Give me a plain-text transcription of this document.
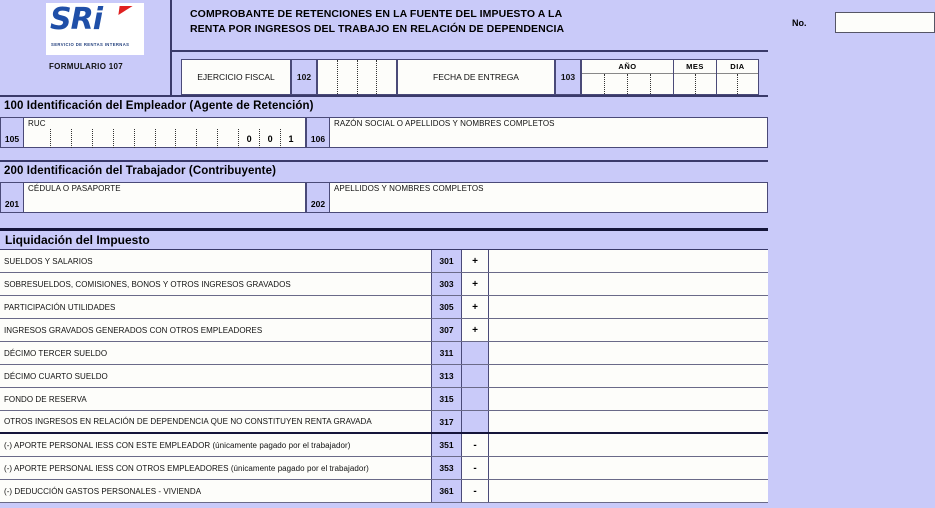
SRi
SERVICIO DE RENTAS INTERNAS
FORMULARIO 107
COMPROBANTE DE RETENCIONES EN LA FUENTE DEL IMPUESTO A LA
RENTA POR INGRESOS DEL TRABAJO EN RELACIÓN DE DEPENDENCIA	No.
EJERCICIO FISCAL	102	FECHA DE ENTREGA	103
AÑO	MES	DIA
100 Identificación del Empleador (Agente de Retención)
105
RUC
0	0	1	106
RAZÓN SOCIAL O APELLIDOS Y NOMBRES COMPLETOS
200 Identificación del Trabajador (Contribuyente)
201
CÉDULA O PASAPORTE
202
APELLIDOS Y NOMBRES COMPLETOS
Liquidación del Impuesto
SUELDOS Y SALARIOS	301	+
SOBRESUELDOS, COMISIONES, BONOS Y OTROS INGRESOS GRAVADOS	303	+
PARTICIPACIÓN UTILIDADES	305	+
INGRESOS GRAVADOS GENERADOS CON OTROS EMPLEADORES	307	+
DÉCIMO TERCER SUELDO	311
DÉCIMO CUARTO SUELDO	313
FONDO DE RESERVA	315
OTROS INGRESOS EN RELACIÓN DE DEPENDENCIA QUE NO CONSTITUYEN RENTA GRAVADA	317
(-) APORTE PERSONAL IESS CON ESTE EMPLEADOR (únicamente pagado por el trabajador)	351	-
(-) APORTE PERSONAL IESS CON OTROS EMPLEADORES (únicamente pagado por el trabajador)	353	-
(-) DEDUCCIÓN GASTOS PERSONALES - VIVIENDA	361	-
